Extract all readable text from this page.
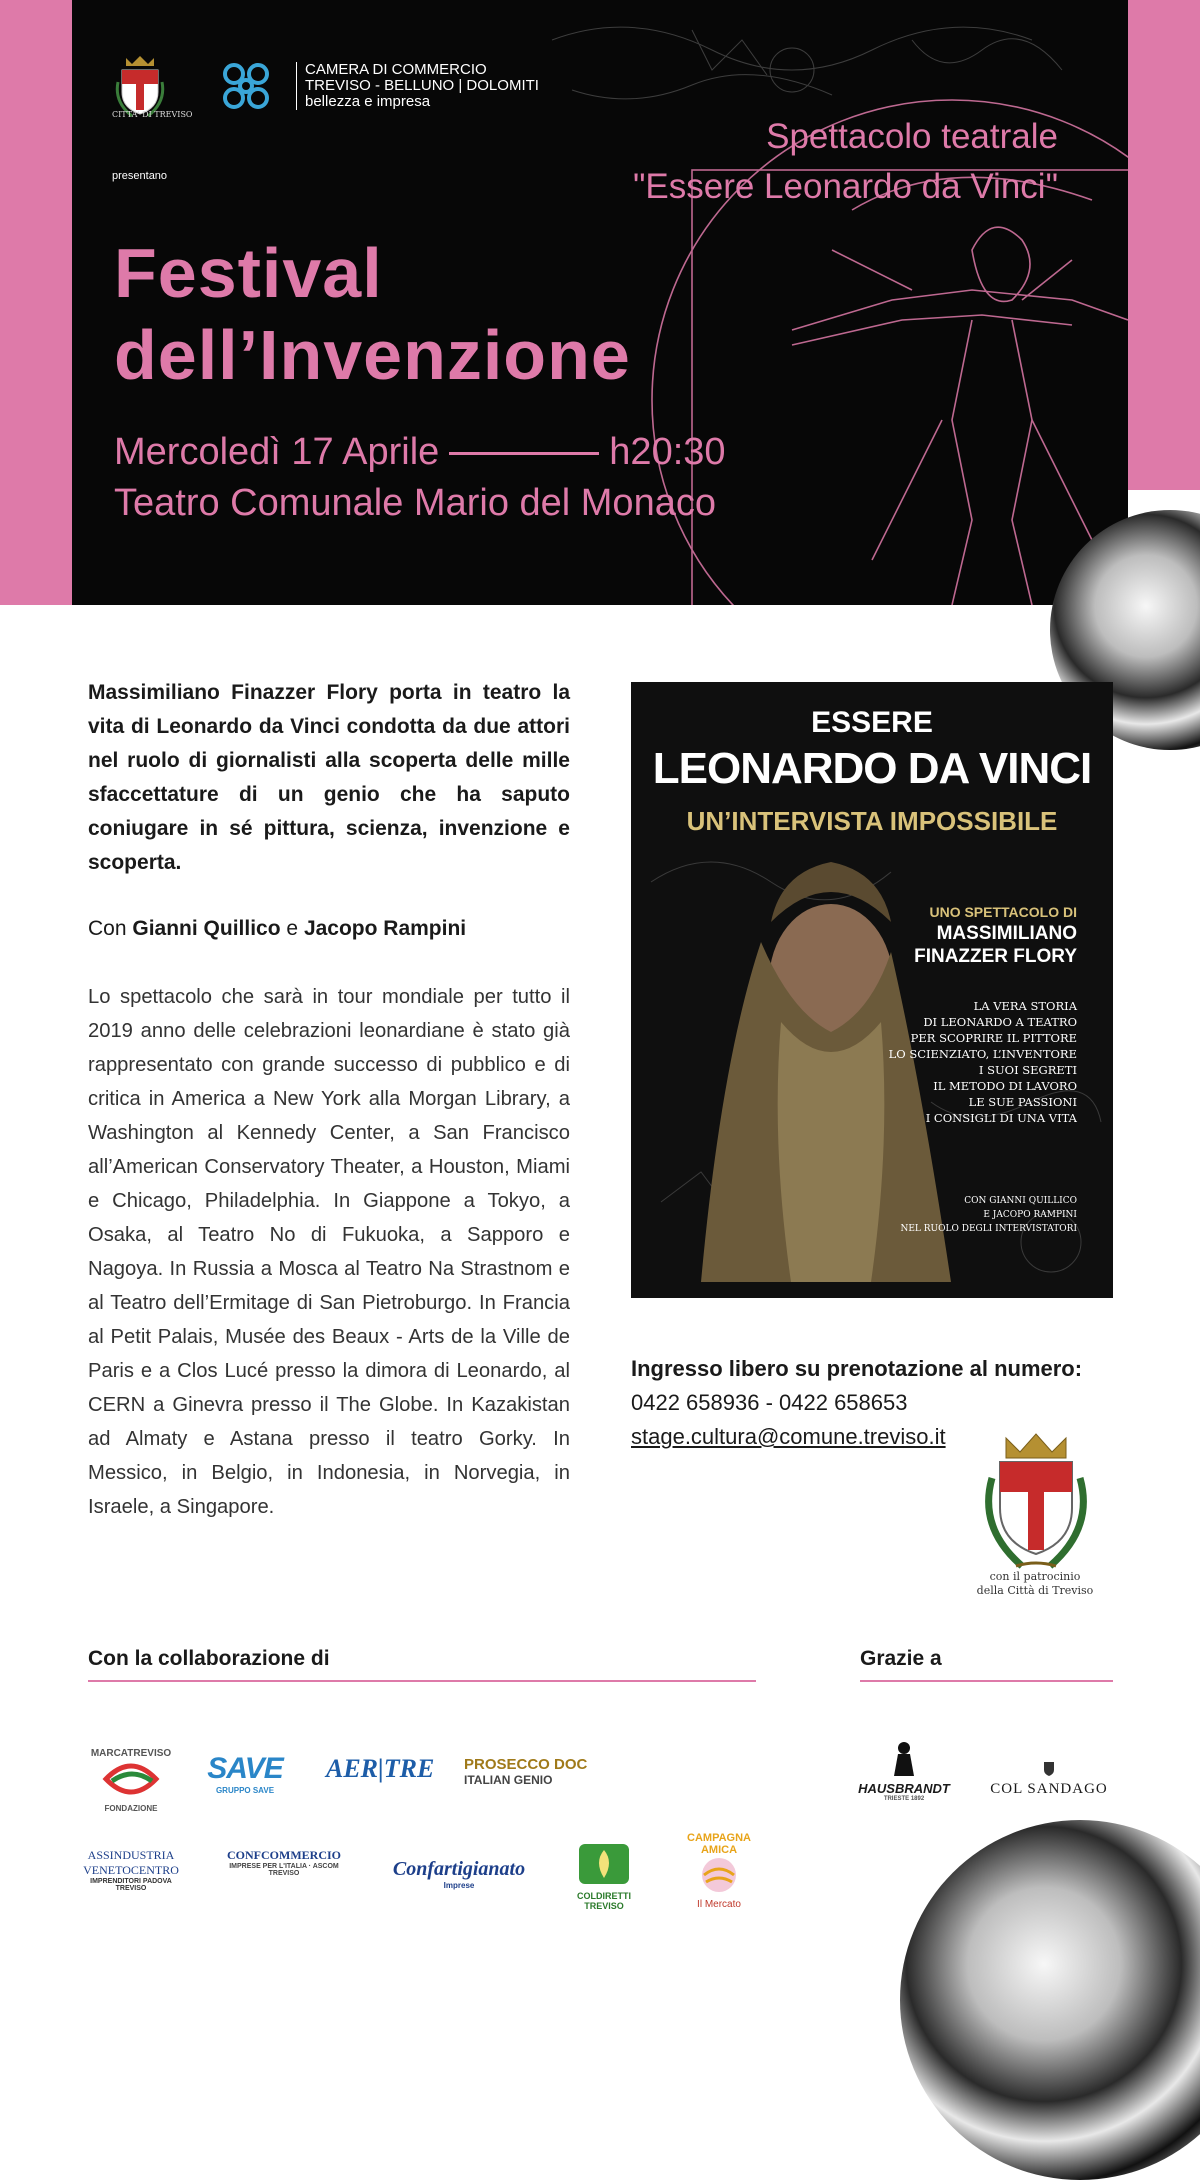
CITTA' DI TREVISO
CAMERA DI COMMERCIO
TREVISO - BELLUNO | DOLOMITI
bellezza e impresa
presentano
Spettacolo teatrale
"Essere Leonardo da Vinci"
Festival
dell’Invenzione
Mercoledì 17 Aprile	h20:30
Teatro Comunale Mario del Monaco
Massimiliano Finazzer Flory porta in teatro la vita di Leonardo da Vinci condotta da due attori nel ruolo di giornalisti alla scoperta delle mille sfaccettature di un genio che ha saputo coniugare in sé pittura, scienza, invenzione e scoperta.
Con Gianni Quillico e Jacopo Rampini
Lo spettacolo che sarà in tour mondiale per tutto il 2019 anno delle celebrazioni leonardiane è stato già rappresentato con grande successo di pubblico e di critica in America a New York alla Morgan Library, a Washington al Kennedy Center, a San Francisco all’American Conservatory Theater, a Houston, Miami e Chicago, Philadelphia. In Giappone a Tokyo, a Osaka, al Teatro No di Fukuoka, a Sapporo e Nagoya. In Russia a Mosca al Teatro Na Strastnom e al Teatro dell’Ermitage di San Pietroburgo. In Francia al Petit Palais, Musée des Beaux - Arts de la Ville de Paris e a Clos Lucé presso la dimora di Leonardo, al CERN a Ginevra presso il The Globe. In Kazakistan ad Almaty e Astana presso il teatro Gorky. In Messico, in Belgio, in Indonesia, in Norvegia, in Israele, a Singapore.
ESSERE
LEONARDO DA VINCI
UN’INTERVISTA IMPOSSIBILE
UNO SPETTACOLO DI
MASSIMILIANO
FINAZZER FLORY
LA VERA STORIA
DI LEONARDO A TEATRO
PER SCOPRIRE IL PITTORE
LO SCIENZIATO, L’INVENTORE
I SUOI SEGRETI
IL METODO DI LAVORO
LE SUE PASSIONI
I CONSIGLI DI UNA VITA
CON GIANNI QUILLICO
E JACOPO RAMPINI
NEL RUOLO DEGLI INTERVISTATORI
Ingresso libero su prenotazione al numero:
0422 658936 - 0422 658653
stage.cultura@comune.treviso.it
con il patrocinio
della Città di Treviso
Con la collaborazione di	Grazie a
MARCATREVISO
FONDAZIONE
SAVE
GRUPPO SAVE
AER|TRE PROSECCO DOC
ITALIAN GENIO
ASSINDUSTRIA VENETOCENTRO
IMPRENDITORI PADOVA TREVISO
CONFCOMMERCIO
IMPRESE PER L'ITALIA · ASCOM TREVISO	Confartigianato
Imprese
COLDIRETTI TREVISO
CAMPAGNA AMICA
Il Mercato
HAUSBRANDT
TRIESTE 1892
COL SANDAGO
